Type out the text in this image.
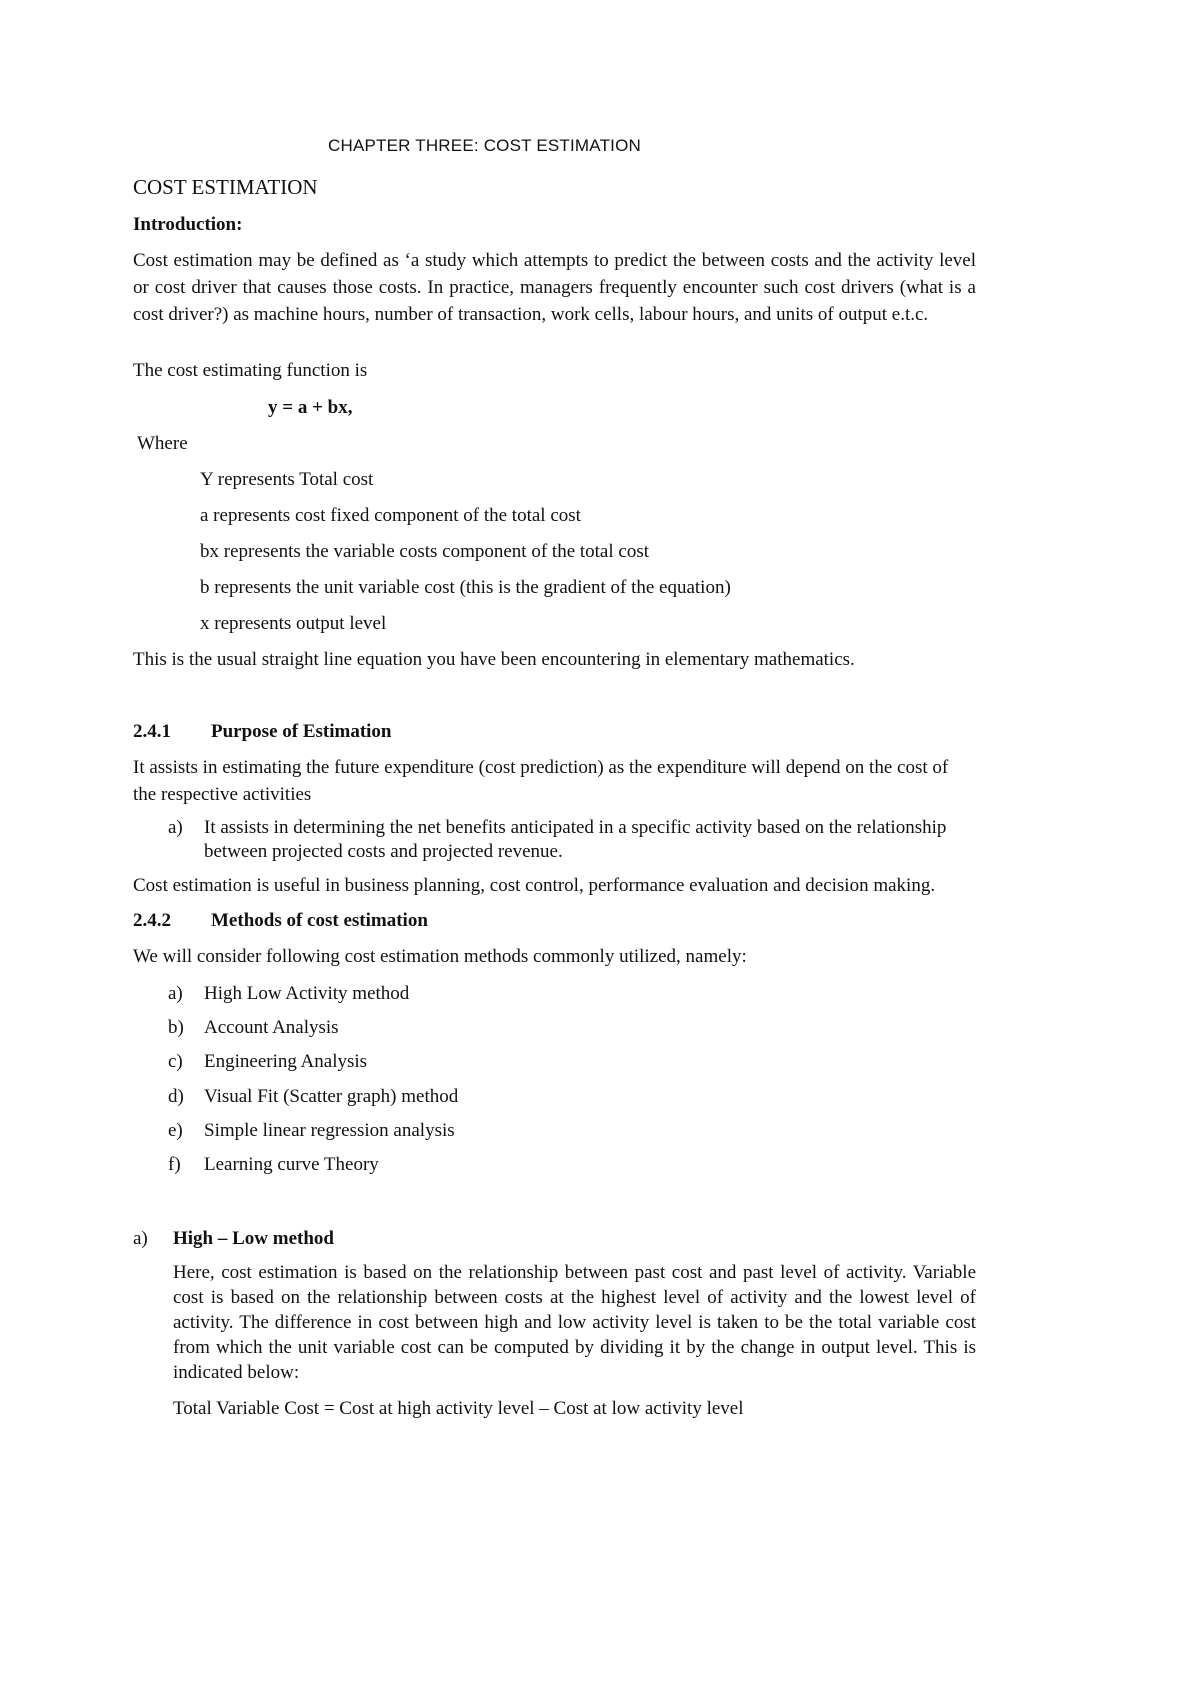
CHAPTER THREE: COST ESTIMATION
COST ESTIMATION
Introduction:
Cost estimation may be defined as ‘a study which attempts to predict the between costs and the activity level or cost driver that causes those costs. In practice, managers frequently encounter such cost drivers (what is a cost driver?) as machine hours, number of transaction, work cells, labour hours, and units of output e.t.c.
The cost estimating function is
y = a + bx,
Where
Y represents Total cost
a represents cost fixed component of the total cost
bx represents the variable costs component of the total cost
b represents the unit variable cost (this is the gradient of the equation)
x represents output level
This is the usual straight line equation you have been encountering in elementary mathematics.
2.4.1 Purpose of Estimation
It assists in estimating the future expenditure (cost prediction) as the expenditure will depend on the cost of the respective activities
a) It assists in determining the net benefits anticipated in a specific activity based on the relationship between projected costs and projected revenue.
Cost estimation is useful in business planning, cost control, performance evaluation and decision making.
2.4.2 Methods of cost estimation
We will consider following cost estimation methods commonly utilized, namely:
a) High Low Activity method
b) Account Analysis
c) Engineering Analysis
d) Visual Fit (Scatter graph) method
e) Simple linear regression analysis
f) Learning curve Theory
a) High – Low method
Here, cost estimation is based on the relationship between past cost and past level of activity. Variable cost is based on the relationship between costs at the highest level of activity and the lowest level of activity. The difference in cost between high and low activity level is taken to be the total variable cost from which the unit variable cost can be computed by dividing it by the change in output level. This is indicated below:
Total Variable Cost = Cost at high activity level – Cost at low activity level
